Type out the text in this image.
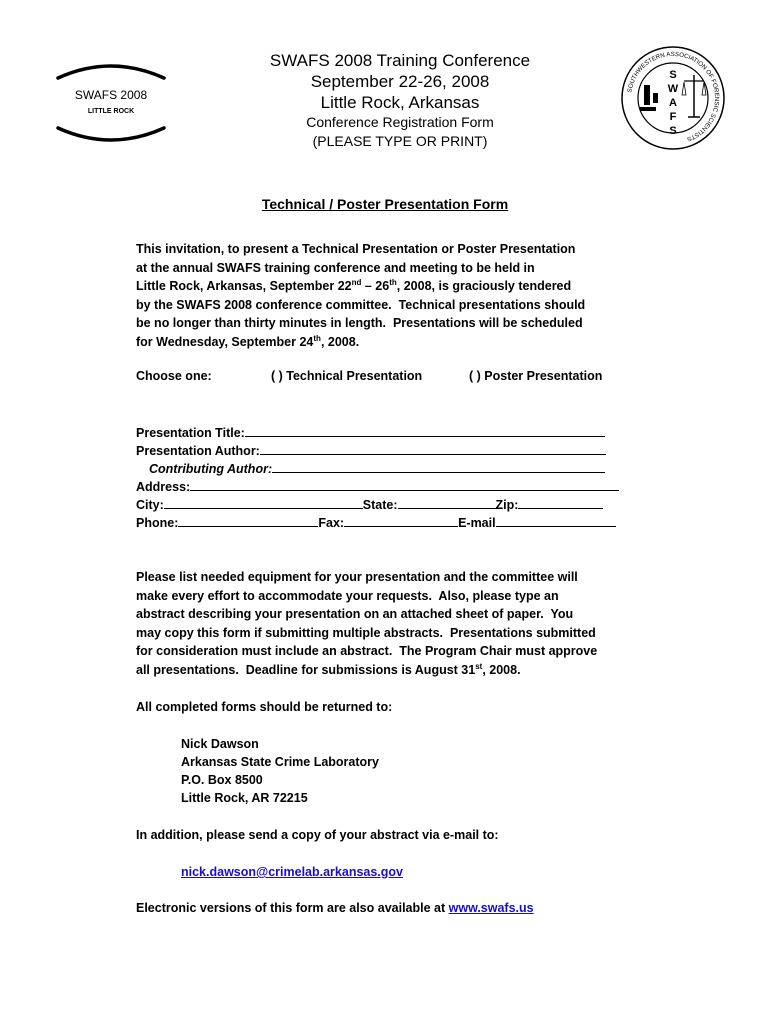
SWAFS 2008
LITTLE ROCK
SWAFS 2008 Training Conference
September 22-26, 2008
Little Rock, Arkansas
Conference Registration Form
(PLEASE TYPE OR PRINT)
SOUTHWESTERN ASSOCIATION OF FORENSIC SCIENTISTS
S
W
A
F
S
Technical / Poster Presentation Form
This invitation, to present a Technical Presentation or Poster Presentation
at the annual SWAFS training conference and meeting to be held in
Little Rock, Arkansas, September 22nd – 26th, 2008, is graciously tendered
by the SWAFS 2008 conference committee.  Technical presentations should
be no longer than thirty minutes in length.  Presentations will be scheduled
for Wednesday, September 24th, 2008.
Choose one:	( ) Technical Presentation	( ) Poster Presentation
Presentation Title:
Presentation Author:
Contributing Author:
Address:
City:	State:	Zip:
Phone:	Fax:	E-mail
Please list needed equipment for your presentation and the committee will
make every effort to accommodate your requests.  Also, please type an
abstract describing your presentation on an attached sheet of paper.  You
may copy this form if submitting multiple abstracts.  Presentations submitted
for consideration must include an abstract.  The Program Chair must approve
all presentations.  Deadline for submissions is August 31st, 2008.
All completed forms should be returned to:
Nick Dawson
Arkansas State Crime Laboratory
P.O. Box 8500
Little Rock, AR 72215
In addition, please send a copy of your abstract via e-mail to:
nick.dawson@crimelab.arkansas.gov
Electronic versions of this form are also available at www.swafs.us
